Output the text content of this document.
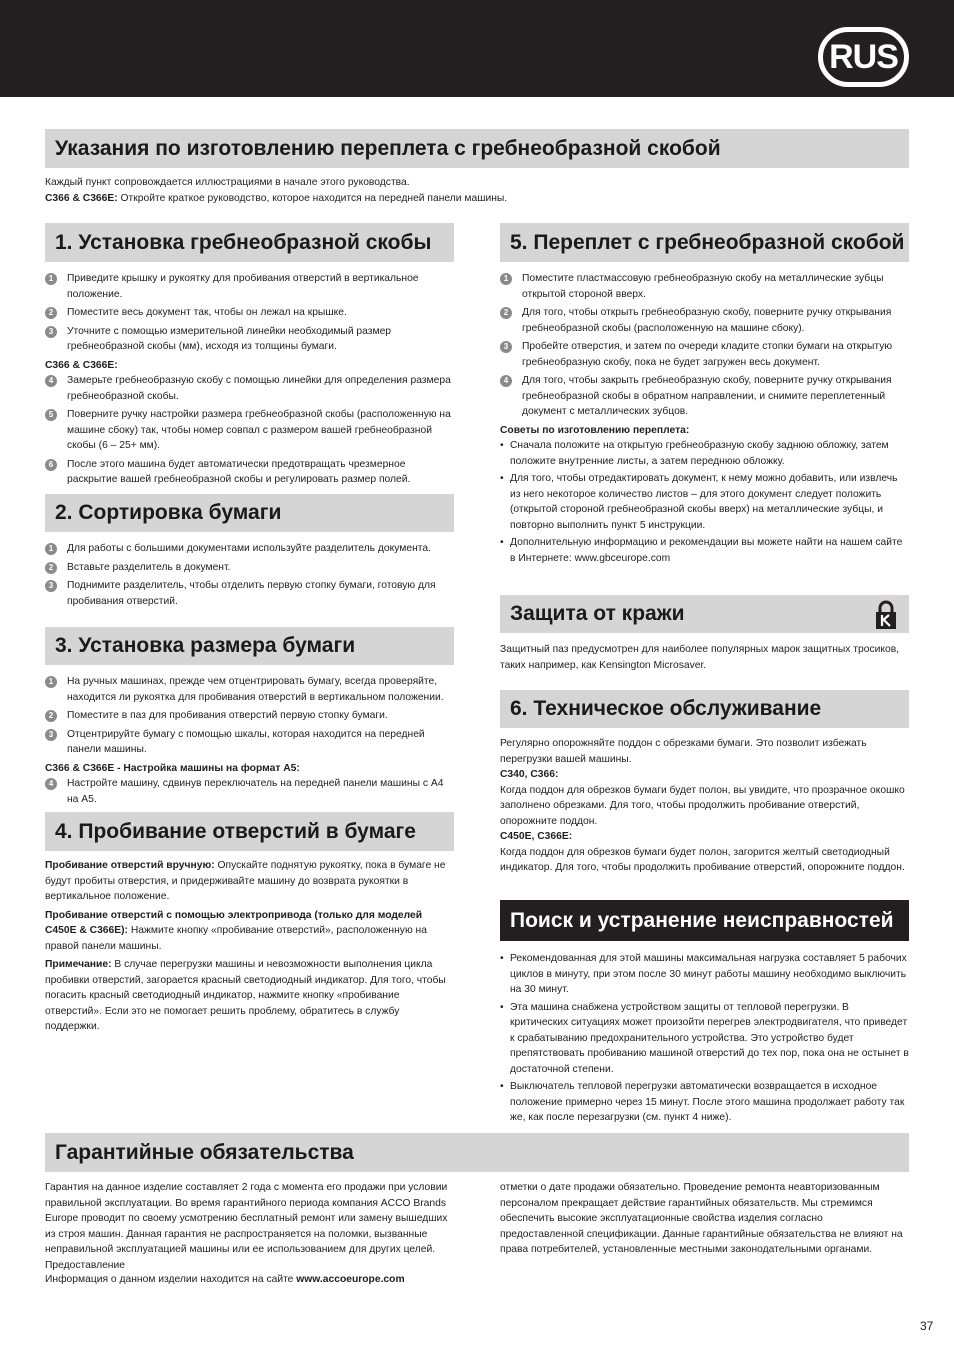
RUS
Указания по изготовлению переплета с гребнеобразной скобой

Каждый пункт сопровождается иллюстрациями в начале этого руководства.

C366 & C366E: Откройте краткое руководство, которое находится на передней панели машины.

1. Установка гребнеобразной скобы
1	Приведите крышку и рукоятку для пробивания отверстий в вертикальное положение.
2	Поместите весь документ так, чтобы он лежал на крышке.
3	Уточните с помощью измерительной линейки необходимый размер гребнеобразной скобы (мм), исходя из толщины бумаги.

C366 & C366E:

4	Замерьте гребнеобразную скобу с помощью линейки для определения размера гребнеобразной скобы.
5	Поверните ручку настройки размера гребнеобразной скобы (расположенную на машине сбоку) так, чтобы номер совпал с размером вашей гребнеобразной скобы (6 – 25+ мм).
6	После этого машина будет автоматически предотвращать чрезмерное раскрытие вашей гребнеобразной скобы и регулировать размер полей.
2. Сортировка бумаги
1	Для работы с большими документами используйте разделитель документа.
2	Вставьте разделитель в документ.
3	Поднимите разделитель, чтобы отделить первую стопку бумаги, готовую для пробивания отверстий.
3. Установка размера бумаги
1	На ручных машинах, прежде чем отцентрировать бумагу, всегда проверяйте, находится ли рукоятка для пробивания отверстий в вертикальном положении.
2	Поместите в паз для пробивания отверстий первую стопку бумаги.
3	Отцентрируйте бумагу с помощью шкалы, которая находится на передней панели машины.

C366 & C366E - Настройка машины на формат A5:

4	Настройте машину, сдвинув переключатель на передней панели машины с A4 на A5.
4. Пробивание отверстий в бумаге

Пробивание отверстий вручную: Опускайте поднятую рукоятку, пока в бумаге не будут пробиты отверстия, и придерживайте машину до возврата рукоятки в вертикальное положение.

Пробивание отверстий с помощью электропривода (только для моделей C450E & C366E): Нажмите кнопку «пробивание отверстий», расположенную на правой панели машины.

Примечание: В случае перегрузки машины и невозможности выполнения цикла пробивки отверстий, загорается красный светодиодный индикатор. Для того, чтобы погасить красный светодиодный индикатор, нажмите кнопку «пробивание отверстий». Если это не помогает решить проблему, обратитесь в службу поддержки.

5. Переплет с гребнеобразной скобой
1	Поместите пластмассовую гребнеобразную скобу на металлические зубцы открытой стороной вверх.
2	Для того, чтобы открыть гребнеобразную скобу, поверните ручку открывания гребнеобразной скобы (расположенную на машине сбоку).
3	Пробейте отверстия, и затем по очереди кладите стопки бумаги на открытую гребнеобразную скобу, пока не будет загружен весь документ.
4	Для того, чтобы закрыть гребнеобразную скобу, поверните ручку открывания гребнеобразной скобы в обратном направлении, и снимите переплетенный документ с металлических зубцов.

Советы по изготовлению переплета:

• Сначала положите на открытую гребнеобразную скобу заднюю обложку, затем положите внутренние листы, а затем переднюю обложку.
• Для того, чтобы отредактировать документ, к нему можно добавить, или извлечь из него некоторое количество листов – для этого документ следует положить (открытой стороной гребнеобразной скобы вверх) на металлические зубцы, и повторно выполнить пункт 5 инструкции.
• Дополнительную информацию и рекомендации вы можете найти на нашем сайте в Интернете: www.gbceurope.com
Защита от кражи
Защитный паз предусмотрен для наиболее популярных марок защитных тросиков, таких например, как Kensington Microsaver.
6. Техническое обслуживание

Регулярно опорожняйте поддон с обрезками бумаги. Это позволит избежать перегрузки вашей машины.

C340, C366:

Когда поддон для обрезков бумаги будет полон, вы увидите, что прозрачное окошко заполнено обрезками. Для того, чтобы продолжить пробивание отверстий, опорожните поддон.

C450E, C366E:

Когда поддон для обрезков бумаги будет полон, загорится желтый светодиодный индикатор. Для того, чтобы продолжить пробивание отверстий, опорожните поддон.

Поиск и устранение неисправностей
• Рекомендованная для этой машины максимальная нагрузка составляет 5 рабочих циклов в минуту, при этом после 30 минут работы машину необходимо выключить на 30 минут.
• Эта машина снабжена устройством защиты от тепловой перегрузки. В критических ситуациях может произойти перегрев электродвигателя, что приведет к срабатыванию предохранительного устройства. Это устройство будет препятствовать пробиванию машиной отверстий до тех пор, пока она не остынет в достаточной степени.
• Выключатель тепловой перегрузки автоматически возвращается в исходное положение примерно через 15 минут. После этого машина продолжает работу так же, как после перезагрузки (см. пункт 4 ниже).
Гарантийные обязательства
Гарантия на данное изделие составляет 2 года с момента его продажи при условии правильной эксплуатации. Во время гарантийного периода компания ACCO Brands Europe проводит по своему усмотрению бесплатный ремонт или замену вышедших из строя машин. Данная гарантия не распространяется на поломки, вызванные неправильной эксплуатацией машины или ее использованием для других целей. Предоставление
отметки о дате продажи обязательно. Проведение ремонта неавторизованным персоналом прекращает действие гарантийных обязательств. Мы стремимся обеспечить высокие эксплуатационные свойства изделия согласно предоставленной спецификации. Данные гарантийные обязательства не влияют на права потребителей, установленные местными законодательными органами.
Информация о данном изделии находится на сайте www.accoeurope.com
37
